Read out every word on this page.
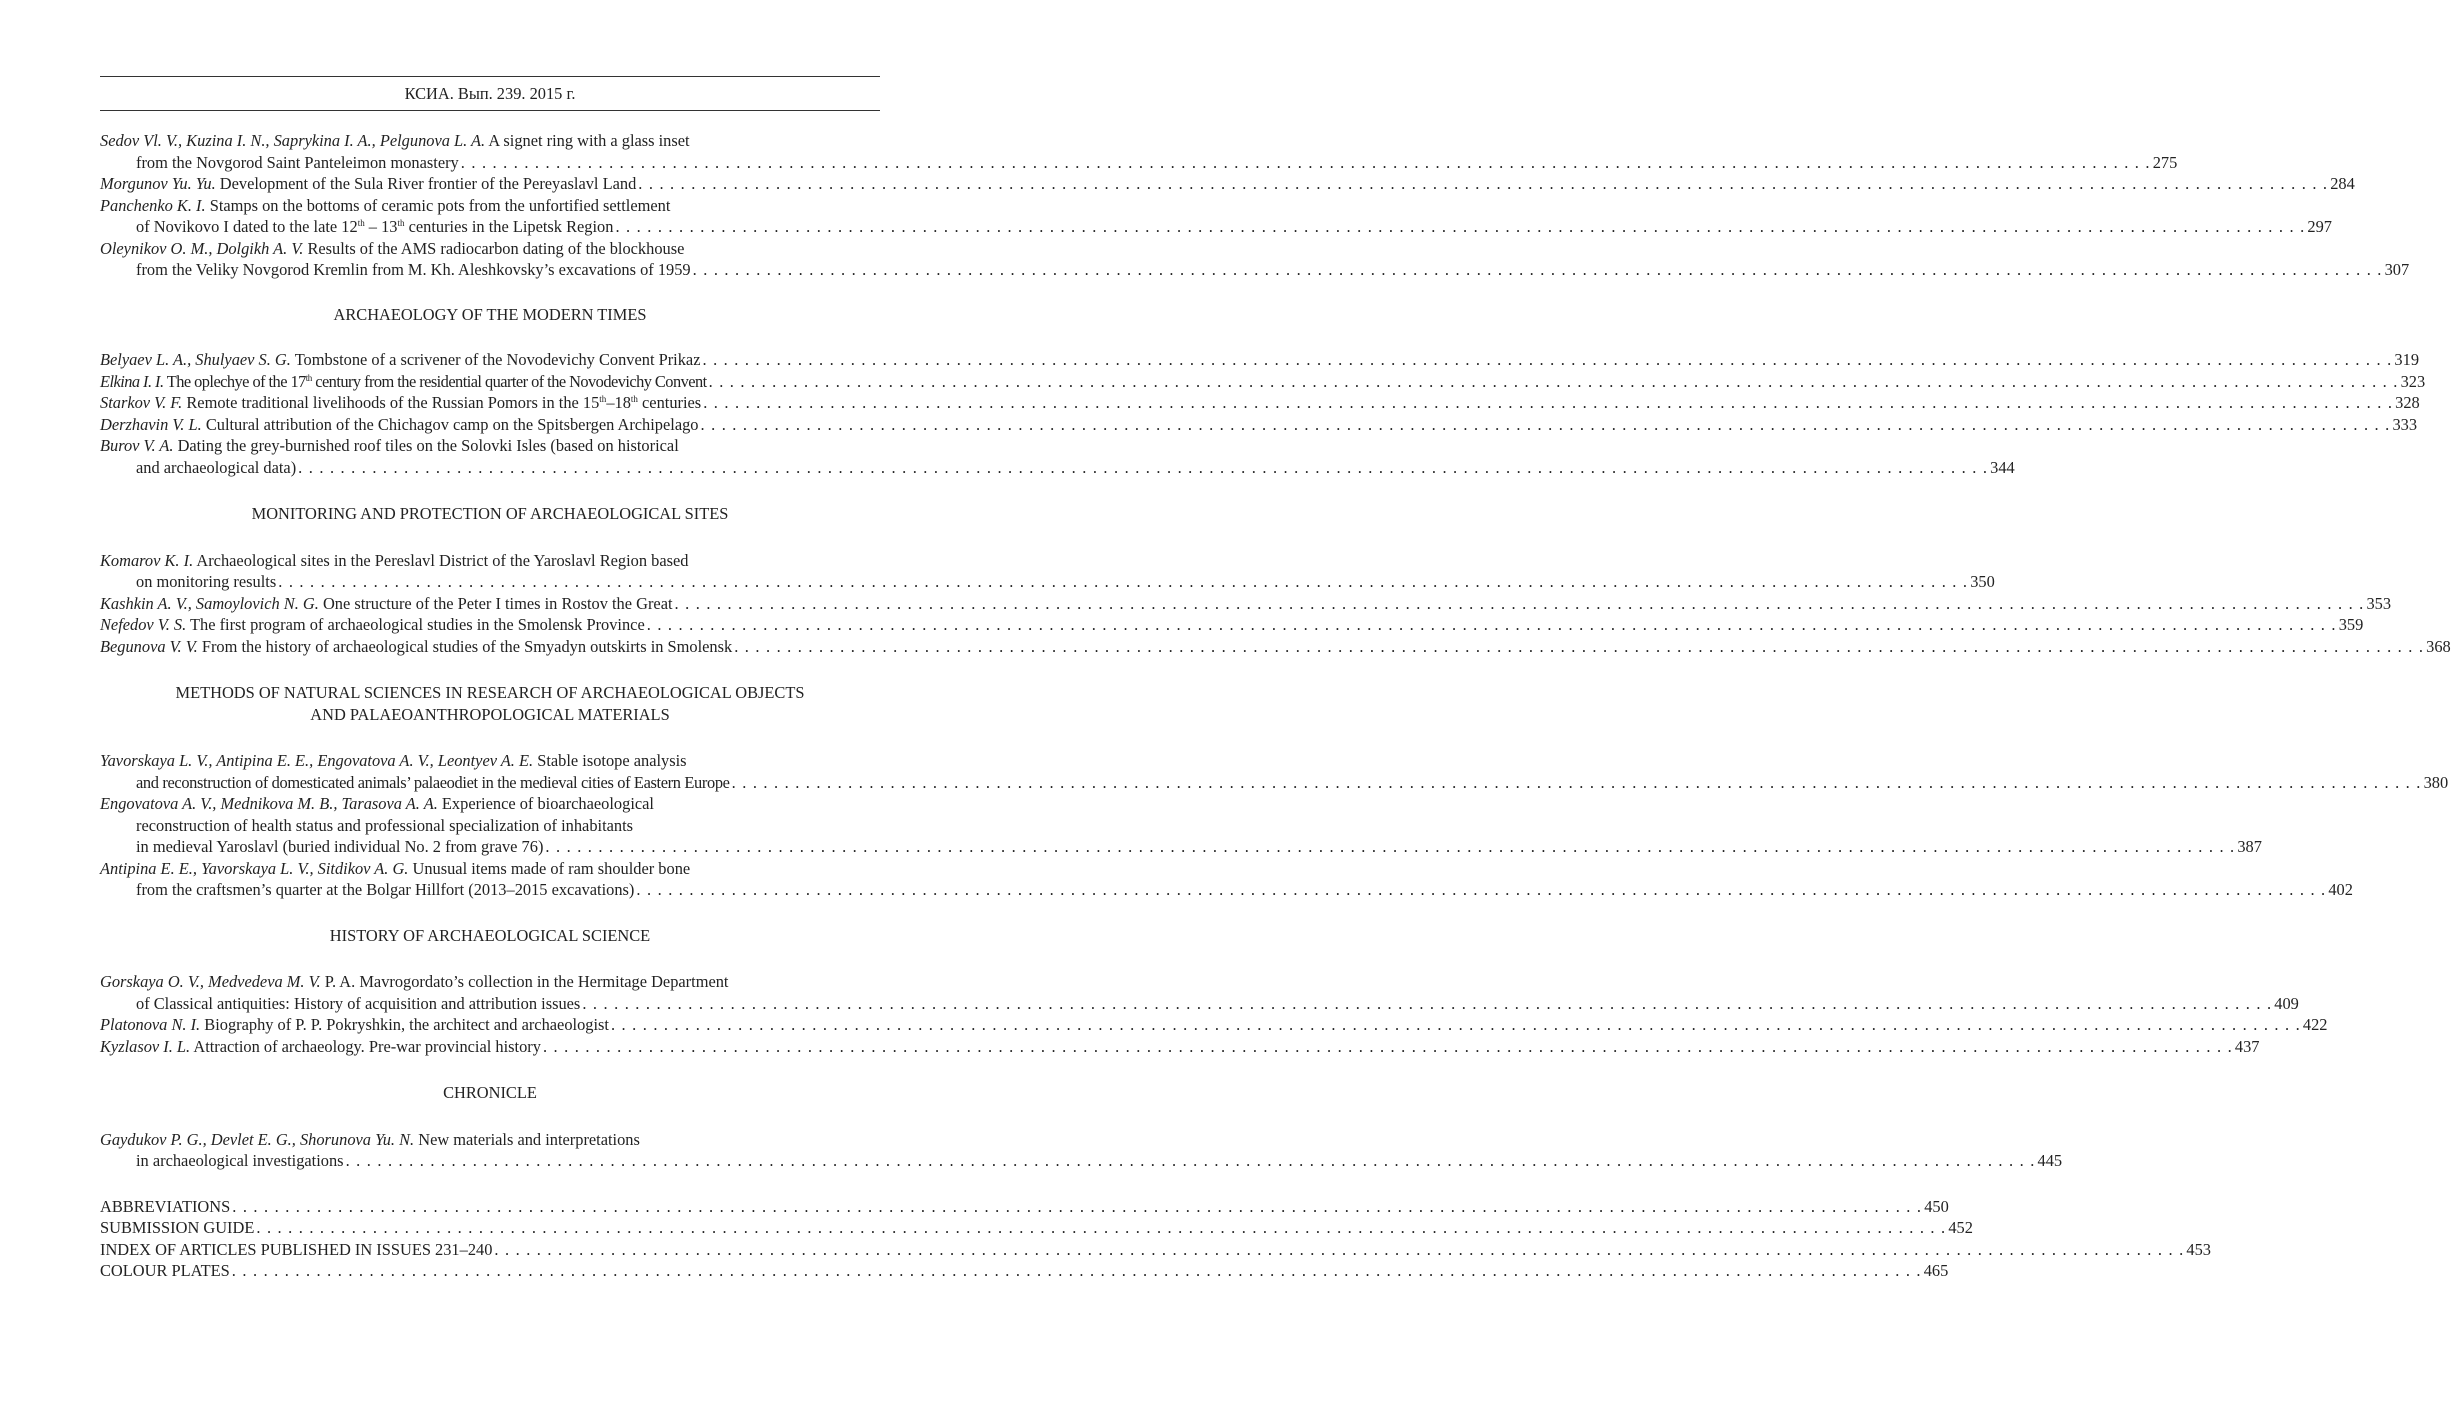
КСИА. Вып. 239. 2015 г.
Sedov Vl. V., Kuzina I. N., Saprykina I. A., Pelgunova L. A. A signet ring with a glass inset
from the Novgorod Saint Panteleimon monastery . . . . . . . . . . . . . . . . . . . . . . . . . . . . . . . . . . . . . . . . . . . . . . . . . . . . . . . . . . . . . . . . . . . . . . . . . . . . . . . . . . . . . . . . . . . . . . . . . . . . . . . . . . . . . . . . . . . . . . . . . . . . . . . . . . . . . . . . . . . . . . . . . . . . . . . . . . . . . . . . 275
Morgunov Yu. Yu. Development of the Sula River frontier of the Pereyaslavl Land . . . . . . . . . . . . . . . . . . . . . . . . . . . . . . . . . . . . . . . . . . . . . . . . . . . . . . . . . . . . . . . . . . . . . . . . . . . . . . . . . . . . . . . . . . . . . . . . . . . . . . . . . . . . . . . . . . . . . . . . . . . . . . . . . . . . . . . . . . . . . . . . . . . . . . . . . . . . . . . . 284
Panchenko K. I. Stamps on the bottoms of ceramic pots from the unfortified settlement
of Novikovo I dated to the late 12th – 13th centuries in the Lipetsk Region . . . . . . . . . . . . . . . . . . . . . . . . . . . . . . . . . . . . . . . . . . . . . . . . . . . . . . . . . . . . . . . . . . . . . . . . . . . . . . . . . . . . . . . . . . . . . . . . . . . . . . . . . . . . . . . . . . . . . . . . . . . . . . . . . . . . . . . . . . . . . . . . . . . . . . . . . . . . . . . . 297
Oleynikov O. M., Dolgikh A. V. Results of the AMS radiocarbon dating of the blockhouse
from the Veliky Novgorod Kremlin from M. Kh. Aleshkovsky’s excavations of 1959 . . . . . . . . . . . . . . . . . . . . . . . . . . . . . . . . . . . . . . . . . . . . . . . . . . . . . . . . . . . . . . . . . . . . . . . . . . . . . . . . . . . . . . . . . . . . . . . . . . . . . . . . . . . . . . . . . . . . . . . . . . . . . . . . . . . . . . . . . . . . . . . . . . . . . . . . . . . . . . . . 307
ARCHAEOLOGY OF THE MODERN TIMES
Belyaev L. A., Shulyaev S. G. Tombstone of a scrivener of the Novodevichy Convent Prikaz . . . . . . . . . . . . . . . . . . . . . . . . . . . . . . . . . . . . . . . . . . . . . . . . . . . . . . . . . . . . . . . . . . . . . . . . . . . . . . . . . . . . . . . . . . . . . . . . . . . . . . . . . . . . . . . . . . . . . . . . . . . . . . . . . . . . . . . . . . . . . . . . . . . . . . . . . . . . . . . . 319
Elkina I. I. The oplechye of the 17th century from the residential quarter of the Novodevichy Convent . . . . . . . . . . . . . . . . . . . . . . . . . . . . . . . . . . . . . . . . . . . . . . . . . . . . . . . . . . . . . . . . . . . . . . . . . . . . . . . . . . . . . . . . . . . . . . . . . . . . . . . . . . . . . . . . . . . . . . . . . . . . . . . . . . . . . . . . . . . . . . . . . . . . . . . . . . . . . . . . 323
Starkov V. F. Remote traditional livelihoods of the Russian Pomors in the 15th–18th centuries . . . . . . . . . . . . . . . . . . . . . . . . . . . . . . . . . . . . . . . . . . . . . . . . . . . . . . . . . . . . . . . . . . . . . . . . . . . . . . . . . . . . . . . . . . . . . . . . . . . . . . . . . . . . . . . . . . . . . . . . . . . . . . . . . . . . . . . . . . . . . . . . . . . . . . . . . . . . . . . . 328
Derzhavin V. L. Cultural attribution of the Chichagov camp on the Spitsbergen Archipelago . . . . . . . . . . . . . . . . . . . . . . . . . . . . . . . . . . . . . . . . . . . . . . . . . . . . . . . . . . . . . . . . . . . . . . . . . . . . . . . . . . . . . . . . . . . . . . . . . . . . . . . . . . . . . . . . . . . . . . . . . . . . . . . . . . . . . . . . . . . . . . . . . . . . . . . . . . . . . . . . 333
Burov V. A. Dating the grey-burnished roof tiles on the Solovki Isles (based on historical
and archaeological data) . . . . . . . . . . . . . . . . . . . . . . . . . . . . . . . . . . . . . . . . . . . . . . . . . . . . . . . . . . . . . . . . . . . . . . . . . . . . . . . . . . . . . . . . . . . . . . . . . . . . . . . . . . . . . . . . . . . . . . . . . . . . . . . . . . . . . . . . . . . . . . . . . . . . . . . . . . . . . . . . 344
MONITORING AND PROTECTION OF ARCHAEOLOGICAL SITES
Komarov K. I. Archaeological sites in the Pereslavl District of the Yaroslavl Region based
on monitoring results . . . . . . . . . . . . . . . . . . . . . . . . . . . . . . . . . . . . . . . . . . . . . . . . . . . . . . . . . . . . . . . . . . . . . . . . . . . . . . . . . . . . . . . . . . . . . . . . . . . . . . . . . . . . . . . . . . . . . . . . . . . . . . . . . . . . . . . . . . . . . . . . . . . . . . . . . . . . . . . . 350
Kashkin A. V., Samoylovich N. G. One structure of the Peter I times in Rostov the Great . . . . . . . . . . . . . . . . . . . . . . . . . . . . . . . . . . . . . . . . . . . . . . . . . . . . . . . . . . . . . . . . . . . . . . . . . . . . . . . . . . . . . . . . . . . . . . . . . . . . . . . . . . . . . . . . . . . . . . . . . . . . . . . . . . . . . . . . . . . . . . . . . . . . . . . . . . . . . . . . 353
Nefedov V. S. The first program of archaeological studies in the Smolensk Province . . . . . . . . . . . . . . . . . . . . . . . . . . . . . . . . . . . . . . . . . . . . . . . . . . . . . . . . . . . . . . . . . . . . . . . . . . . . . . . . . . . . . . . . . . . . . . . . . . . . . . . . . . . . . . . . . . . . . . . . . . . . . . . . . . . . . . . . . . . . . . . . . . . . . . . . . . . . . . . . 359
Begunova V. V. From the history of archaeological studies of the Smyadyn outskirts in Smolensk . . . . . . . . . . . . . . . . . . . . . . . . . . . . . . . . . . . . . . . . . . . . . . . . . . . . . . . . . . . . . . . . . . . . . . . . . . . . . . . . . . . . . . . . . . . . . . . . . . . . . . . . . . . . . . . . . . . . . . . . . . . . . . . . . . . . . . . . . . . . . . . . . . . . . . . . . . . . . . . . 368
METHODS OF NATURAL SCIENCES IN RESEARCH OF ARCHAEOLOGICAL OBJECTS
AND PALAEOANTHROPOLOGICAL MATERIALS
Yavorskaya L. V., Antipina E. E., Engovatova A. V., Leontyev A. E. Stable isotope analysis
and reconstruction of domesticated animals’ palaeodiet in the medieval cities of Eastern Europe . . . . . . . . . . . . . . . . . . . . . . . . . . . . . . . . . . . . . . . . . . . . . . . . . . . . . . . . . . . . . . . . . . . . . . . . . . . . . . . . . . . . . . . . . . . . . . . . . . . . . . . . . . . . . . . . . . . . . . . . . . . . . . . . . . . . . . . . . . . . . . . . . . . . . . . . . . . . . . . . 380
Engovatova A. V., Mednikova M. B., Tarasova A. A. Experience of bioarchaeological
reconstruction of health status and professional specialization of inhabitants
in medieval Yaroslavl (buried individual No. 2 from grave 76) . . . . . . . . . . . . . . . . . . . . . . . . . . . . . . . . . . . . . . . . . . . . . . . . . . . . . . . . . . . . . . . . . . . . . . . . . . . . . . . . . . . . . . . . . . . . . . . . . . . . . . . . . . . . . . . . . . . . . . . . . . . . . . . . . . . . . . . . . . . . . . . . . . . . . . . . . . . . . . . . 387
Antipina E. E., Yavorskaya L. V., Sitdikov A. G. Unusual items made of ram shoulder bone
from the craftsmen’s quarter at the Bolgar Hillfort (2013–2015 excavations) . . . . . . . . . . . . . . . . . . . . . . . . . . . . . . . . . . . . . . . . . . . . . . . . . . . . . . . . . . . . . . . . . . . . . . . . . . . . . . . . . . . . . . . . . . . . . . . . . . . . . . . . . . . . . . . . . . . . . . . . . . . . . . . . . . . . . . . . . . . . . . . . . . . . . . . . . . . . . . . . 402
HISTORY OF ARCHAEOLOGICAL SCIENCE
Gorskaya O. V., Medvedeva M. V. P. A. Mavrogordato’s collection in the Hermitage Department
of Classical antiquities: History of acquisition and attribution issues . . . . . . . . . . . . . . . . . . . . . . . . . . . . . . . . . . . . . . . . . . . . . . . . . . . . . . . . . . . . . . . . . . . . . . . . . . . . . . . . . . . . . . . . . . . . . . . . . . . . . . . . . . . . . . . . . . . . . . . . . . . . . . . . . . . . . . . . . . . . . . . . . . . . . . . . . . . . . . . . 409
Platonova N. I. Biography of P. P. Pokryshkin, the architect and archaeologist . . . . . . . . . . . . . . . . . . . . . . . . . . . . . . . . . . . . . . . . . . . . . . . . . . . . . . . . . . . . . . . . . . . . . . . . . . . . . . . . . . . . . . . . . . . . . . . . . . . . . . . . . . . . . . . . . . . . . . . . . . . . . . . . . . . . . . . . . . . . . . . . . . . . . . . . . . . . . . . . 422
Kyzlasov I. L. Attraction of archaeology. Pre-war provincial history . . . . . . . . . . . . . . . . . . . . . . . . . . . . . . . . . . . . . . . . . . . . . . . . . . . . . . . . . . . . . . . . . . . . . . . . . . . . . . . . . . . . . . . . . . . . . . . . . . . . . . . . . . . . . . . . . . . . . . . . . . . . . . . . . . . . . . . . . . . . . . . . . . . . . . . . . . . . . . . . 437
CHRONICLE
Gaydukov P. G., Devlet E. G., Shorunova Yu. N. New materials and interpretations
in archaeological investigations . . . . . . . . . . . . . . . . . . . . . . . . . . . . . . . . . . . . . . . . . . . . . . . . . . . . . . . . . . . . . . . . . . . . . . . . . . . . . . . . . . . . . . . . . . . . . . . . . . . . . . . . . . . . . . . . . . . . . . . . . . . . . . . . . . . . . . . . . . . . . . . . . . . . . . . . . . . . . . . . 445
ABBREVIATIONS . . . . . . . . . . . . . . . . . . . . . . . . . . . . . . . . . . . . . . . . . . . . . . . . . . . . . . . . . . . . . . . . . . . . . . . . . . . . . . . . . . . . . . . . . . . . . . . . . . . . . . . . . . . . . . . . . . . . . . . . . . . . . . . . . . . . . . . . . . . . . . . . . . . . . . . . . . . . . . . . 450
SUBMISSION GUIDE . . . . . . . . . . . . . . . . . . . . . . . . . . . . . . . . . . . . . . . . . . . . . . . . . . . . . . . . . . . . . . . . . . . . . . . . . . . . . . . . . . . . . . . . . . . . . . . . . . . . . . . . . . . . . . . . . . . . . . . . . . . . . . . . . . . . . . . . . . . . . . . . . . . . . . . . . . . . . . . . 452
INDEX OF ARTICLES PUBLISHED IN ISSUES 231–240 . . . . . . . . . . . . . . . . . . . . . . . . . . . . . . . . . . . . . . . . . . . . . . . . . . . . . . . . . . . . . . . . . . . . . . . . . . . . . . . . . . . . . . . . . . . . . . . . . . . . . . . . . . . . . . . . . . . . . . . . . . . . . . . . . . . . . . . . . . . . . . . . . . . . . . . . . . . . . . . . 453
COLOUR PLATES . . . . . . . . . . . . . . . . . . . . . . . . . . . . . . . . . . . . . . . . . . . . . . . . . . . . . . . . . . . . . . . . . . . . . . . . . . . . . . . . . . . . . . . . . . . . . . . . . . . . . . . . . . . . . . . . . . . . . . . . . . . . . . . . . . . . . . . . . . . . . . . . . . . . . . . . . . . . . . . . 465
